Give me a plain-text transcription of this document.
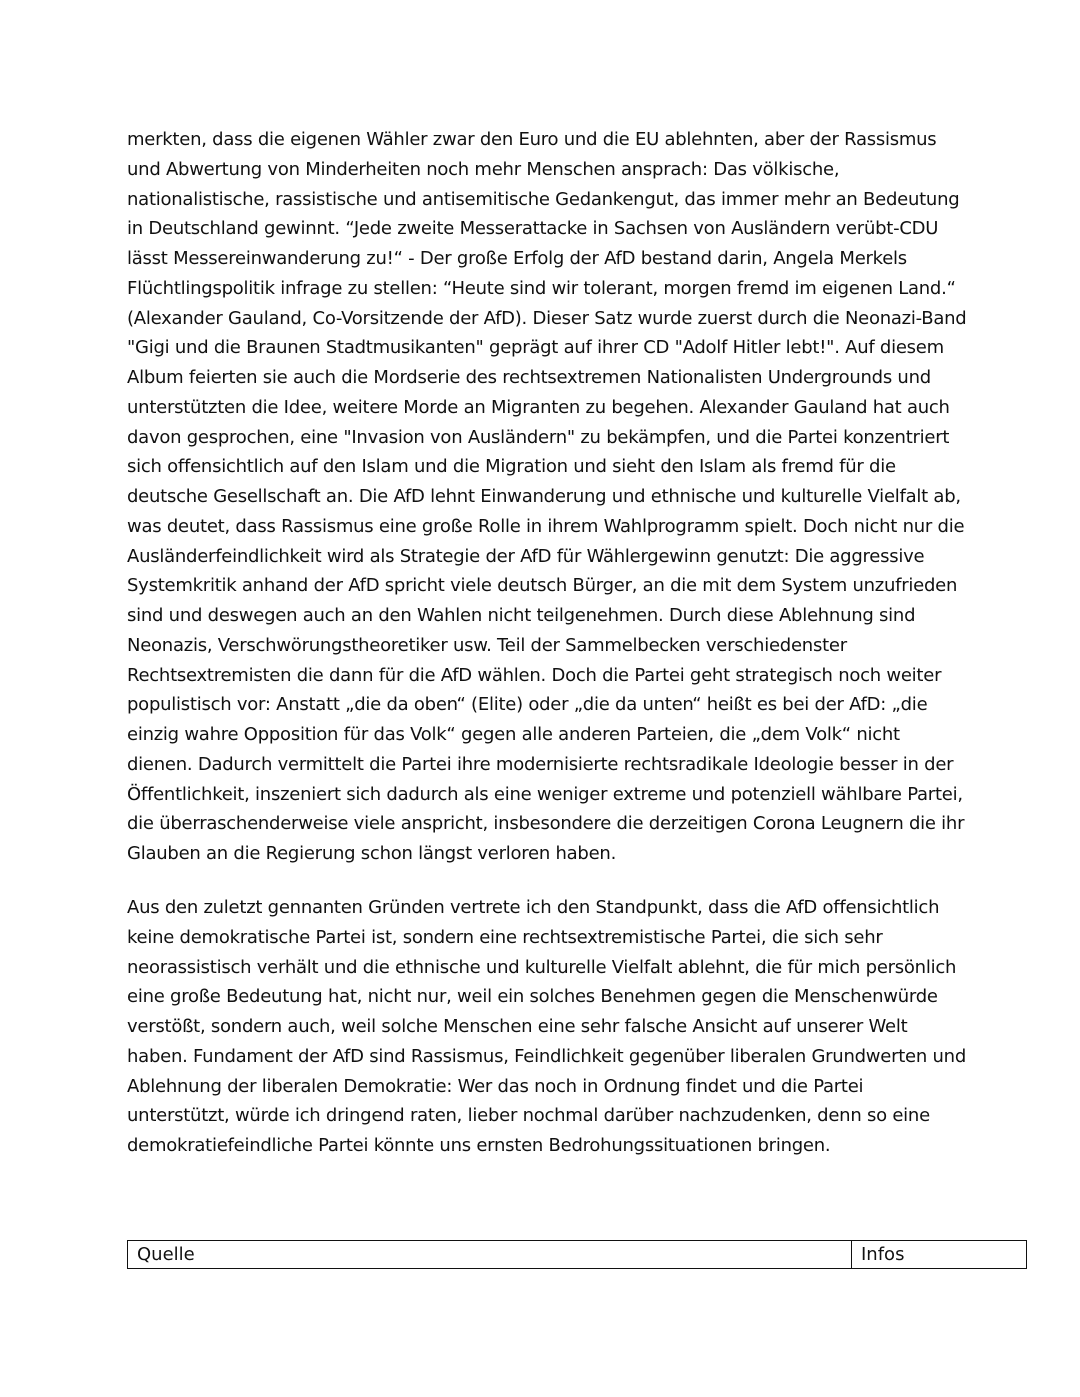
merkten, dass die eigenen Wähler zwar den Euro und die EU ablehnten, aber der Rassismus
und Abwertung von Minderheiten noch mehr Menschen ansprach: Das völkische,
nationalistische, rassistische und antisemitische Gedankengut, das immer mehr an Bedeutung
in Deutschland gewinnt. “Jede zweite Messerattacke in Sachsen von Ausländern verübt-CDU
lässt Messereinwanderung zu!“ - Der große Erfolg der AfD bestand darin, Angela Merkels
Flüchtlingspolitik infrage zu stellen: “Heute sind wir tolerant, morgen fremd im eigenen Land.“
(Alexander Gauland, Co-Vorsitzende der AfD). Dieser Satz wurde zuerst durch die Neonazi-Band
"Gigi und die Braunen Stadtmusikanten" geprägt auf ihrer CD "Adolf Hitler lebt!". Auf diesem
Album feierten sie auch die Mordserie des rechtsextremen Nationalisten Undergrounds und
unterstützten die Idee, weitere Morde an Migranten zu begehen. Alexander Gauland hat auch
davon gesprochen, eine "Invasion von Ausländern" zu bekämpfen, und die Partei konzentriert
sich offensichtlich auf den Islam und die Migration und sieht den Islam als fremd für die
deutsche Gesellschaft an. Die AfD lehnt Einwanderung und ethnische und kulturelle Vielfalt ab,
was deutet, dass Rassismus eine große Rolle in ihrem Wahlprogramm spielt. Doch nicht nur die
Ausländerfeindlichkeit wird als Strategie der AfD für Wählergewinn genutzt: Die aggressive
Systemkritik anhand der AfD spricht viele deutsch Bürger, an die mit dem System unzufrieden
sind und deswegen auch an den Wahlen nicht teilgenehmen. Durch diese Ablehnung sind
Neonazis, Verschwörungstheoretiker usw. Teil der Sammelbecken verschiedenster
Rechtsextremisten die dann für die AfD wählen. Doch die Partei geht strategisch noch weiter
populistisch vor: Anstatt „die da oben“ (Elite) oder „die da unten“ heißt es bei der AfD: „die
einzig wahre Opposition für das Volk“ gegen alle anderen Parteien, die „dem Volk“ nicht
dienen. Dadurch vermittelt die Partei ihre modernisierte rechtsradikale Ideologie besser in der
Öffentlichkeit, inszeniert sich dadurch als eine weniger extreme und potenziell wählbare Partei,
die überraschenderweise viele anspricht, insbesondere die derzeitigen Corona Leugnern die ihr
Glauben an die Regierung schon längst verloren haben.
Aus den zuletzt gennanten Gründen vertrete ich den Standpunkt, dass die AfD offensichtlich
keine demokratische Partei ist, sondern eine rechtsextremistische Partei, die sich sehr
neorassistisch verhält und die ethnische und kulturelle Vielfalt ablehnt, die für mich persönlich
eine große Bedeutung hat, nicht nur, weil ein solches Benehmen gegen die Menschenwürde
verstößt, sondern auch, weil solche Menschen eine sehr falsche Ansicht auf unserer Welt
haben. Fundament der AfD sind Rassismus, Feindlichkeit gegenüber liberalen Grundwerten und
Ablehnung der liberalen Demokratie: Wer das noch in Ordnung findet und die Partei
unterstützt, würde ich dringend raten, lieber nochmal darüber nachzudenken, denn so eine
demokratiefeindliche Partei könnte uns ernsten Bedrohungssituationen bringen.
Quelle	Infos
